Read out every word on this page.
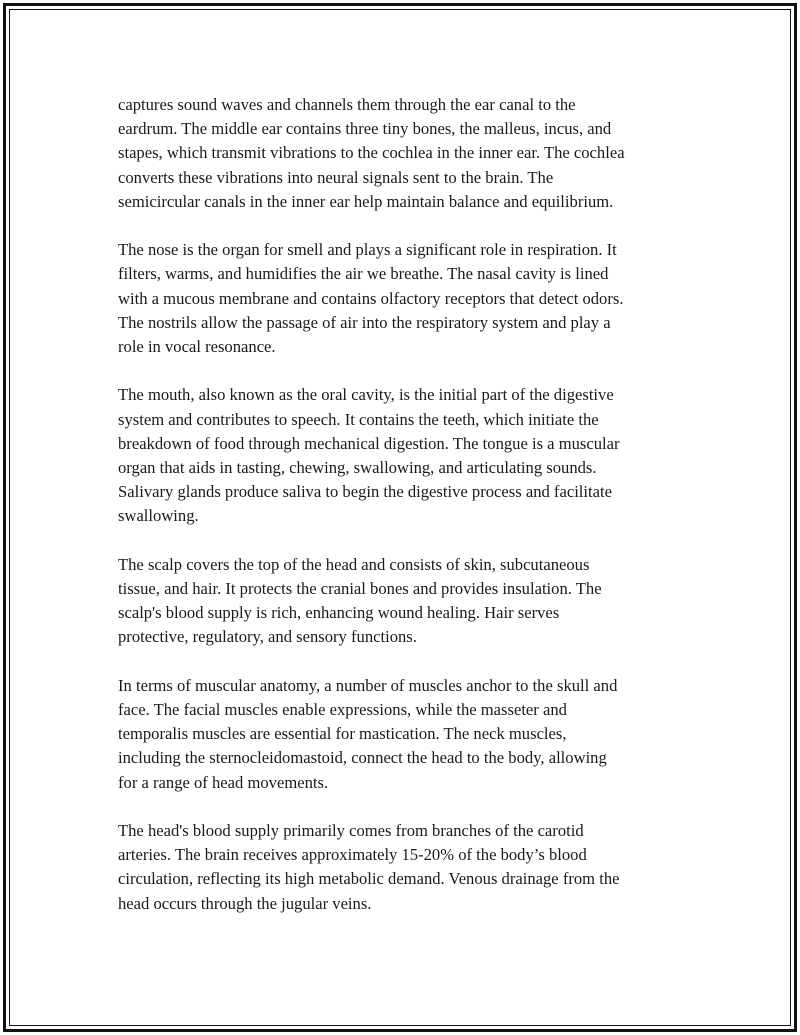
captures sound waves and channels them through the ear canal to the
eardrum. The middle ear contains three tiny bones, the malleus, incus, and
stapes, which transmit vibrations to the cochlea in the inner ear. The cochlea
converts these vibrations into neural signals sent to the brain. The
semicircular canals in the inner ear help maintain balance and equilibrium.

The nose is the organ for smell and plays a significant role in respiration. It
filters, warms, and humidifies the air we breathe. The nasal cavity is lined
with a mucous membrane and contains olfactory receptors that detect odors.
The nostrils allow the passage of air into the respiratory system and play a
role in vocal resonance.

The mouth, also known as the oral cavity, is the initial part of the digestive
system and contributes to speech. It contains the teeth, which initiate the
breakdown of food through mechanical digestion. The tongue is a muscular
organ that aids in tasting, chewing, swallowing, and articulating sounds.
Salivary glands produce saliva to begin the digestive process and facilitate
swallowing.

The scalp covers the top of the head and consists of skin, subcutaneous
tissue, and hair. It protects the cranial bones and provides insulation. The
scalp's blood supply is rich, enhancing wound healing. Hair serves
protective, regulatory, and sensory functions.

In terms of muscular anatomy, a number of muscles anchor to the skull and
face. The facial muscles enable expressions, while the masseter and
temporalis muscles are essential for mastication. The neck muscles,
including the sternocleidomastoid, connect the head to the body, allowing
for a range of head movements.

The head's blood supply primarily comes from branches of the carotid
arteries. The brain receives approximately 15-20% of the body’s blood
circulation, reflecting its high metabolic demand. Venous drainage from the
head occurs through the jugular veins.
